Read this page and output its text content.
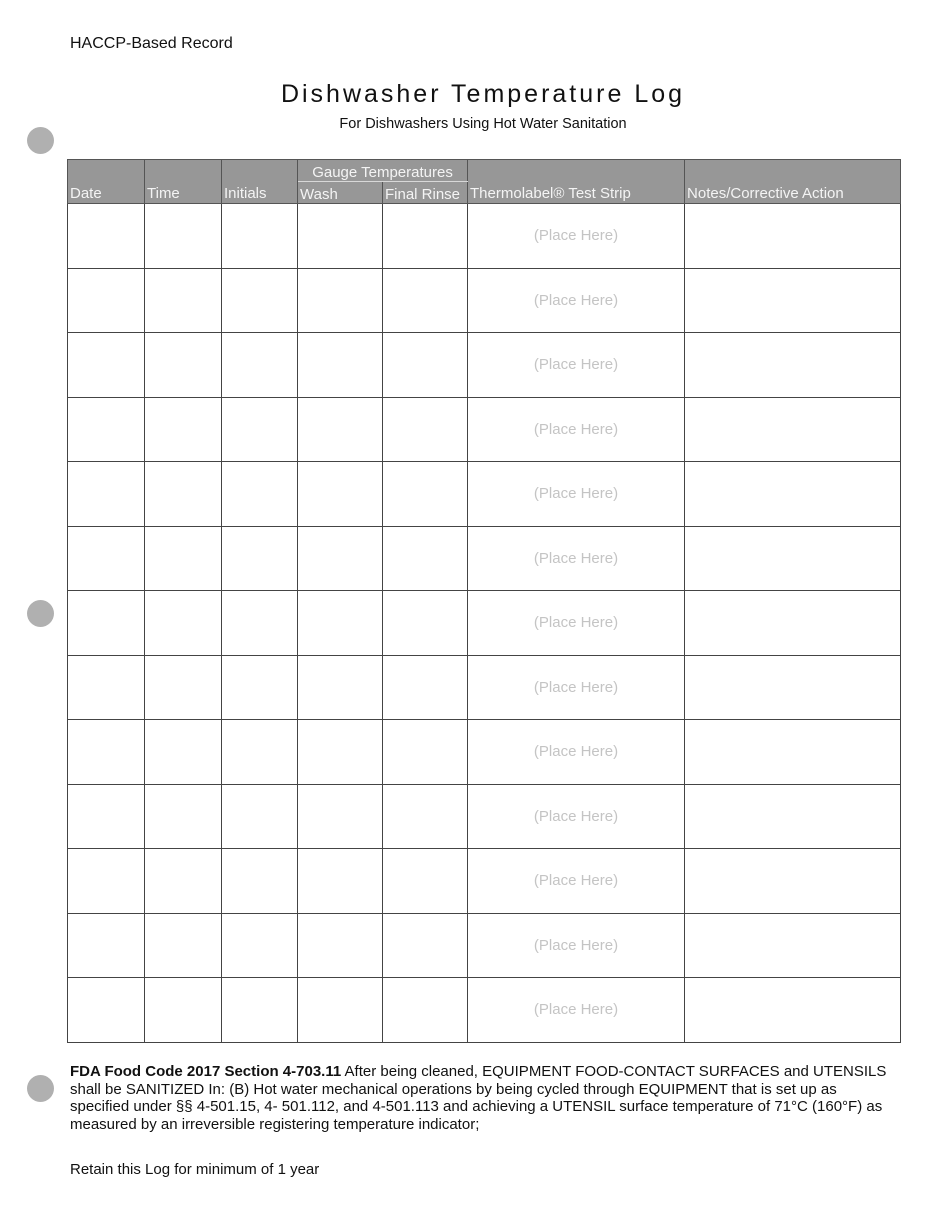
HACCP-Based Record
Dishwasher Temperature Log
For Dishwashers Using Hot Water Sanitation
Date	Time	Initials	Gauge Temperatures		Thermolabel® Test Strip	Notes/Corrective Action
			Wash	Final Rinse		
					(Place Here)	
					(Place Here)	
					(Place Here)	
					(Place Here)	
					(Place Here)	
					(Place Here)	
					(Place Here)	
					(Place Here)	
					(Place Here)	
					(Place Here)	
					(Place Here)	
					(Place Here)	
					(Place Here)	
FDA Food Code 2017 Section 4-703.11 After being cleaned, EQUIPMENT FOOD-CONTACT SURFACES and UTENSILS shall be SANITIZED In: (B) Hot water mechanical operations by being cycled through EQUIPMENT that is set up as specified under §§ 4-501.15, 4- 501.112, and 4-501.113 and achieving a UTENSIL surface temperature of 71°C (160°F) as measured by an irreversible registering temperature indicator;
Retain this Log for minimum of 1 year
